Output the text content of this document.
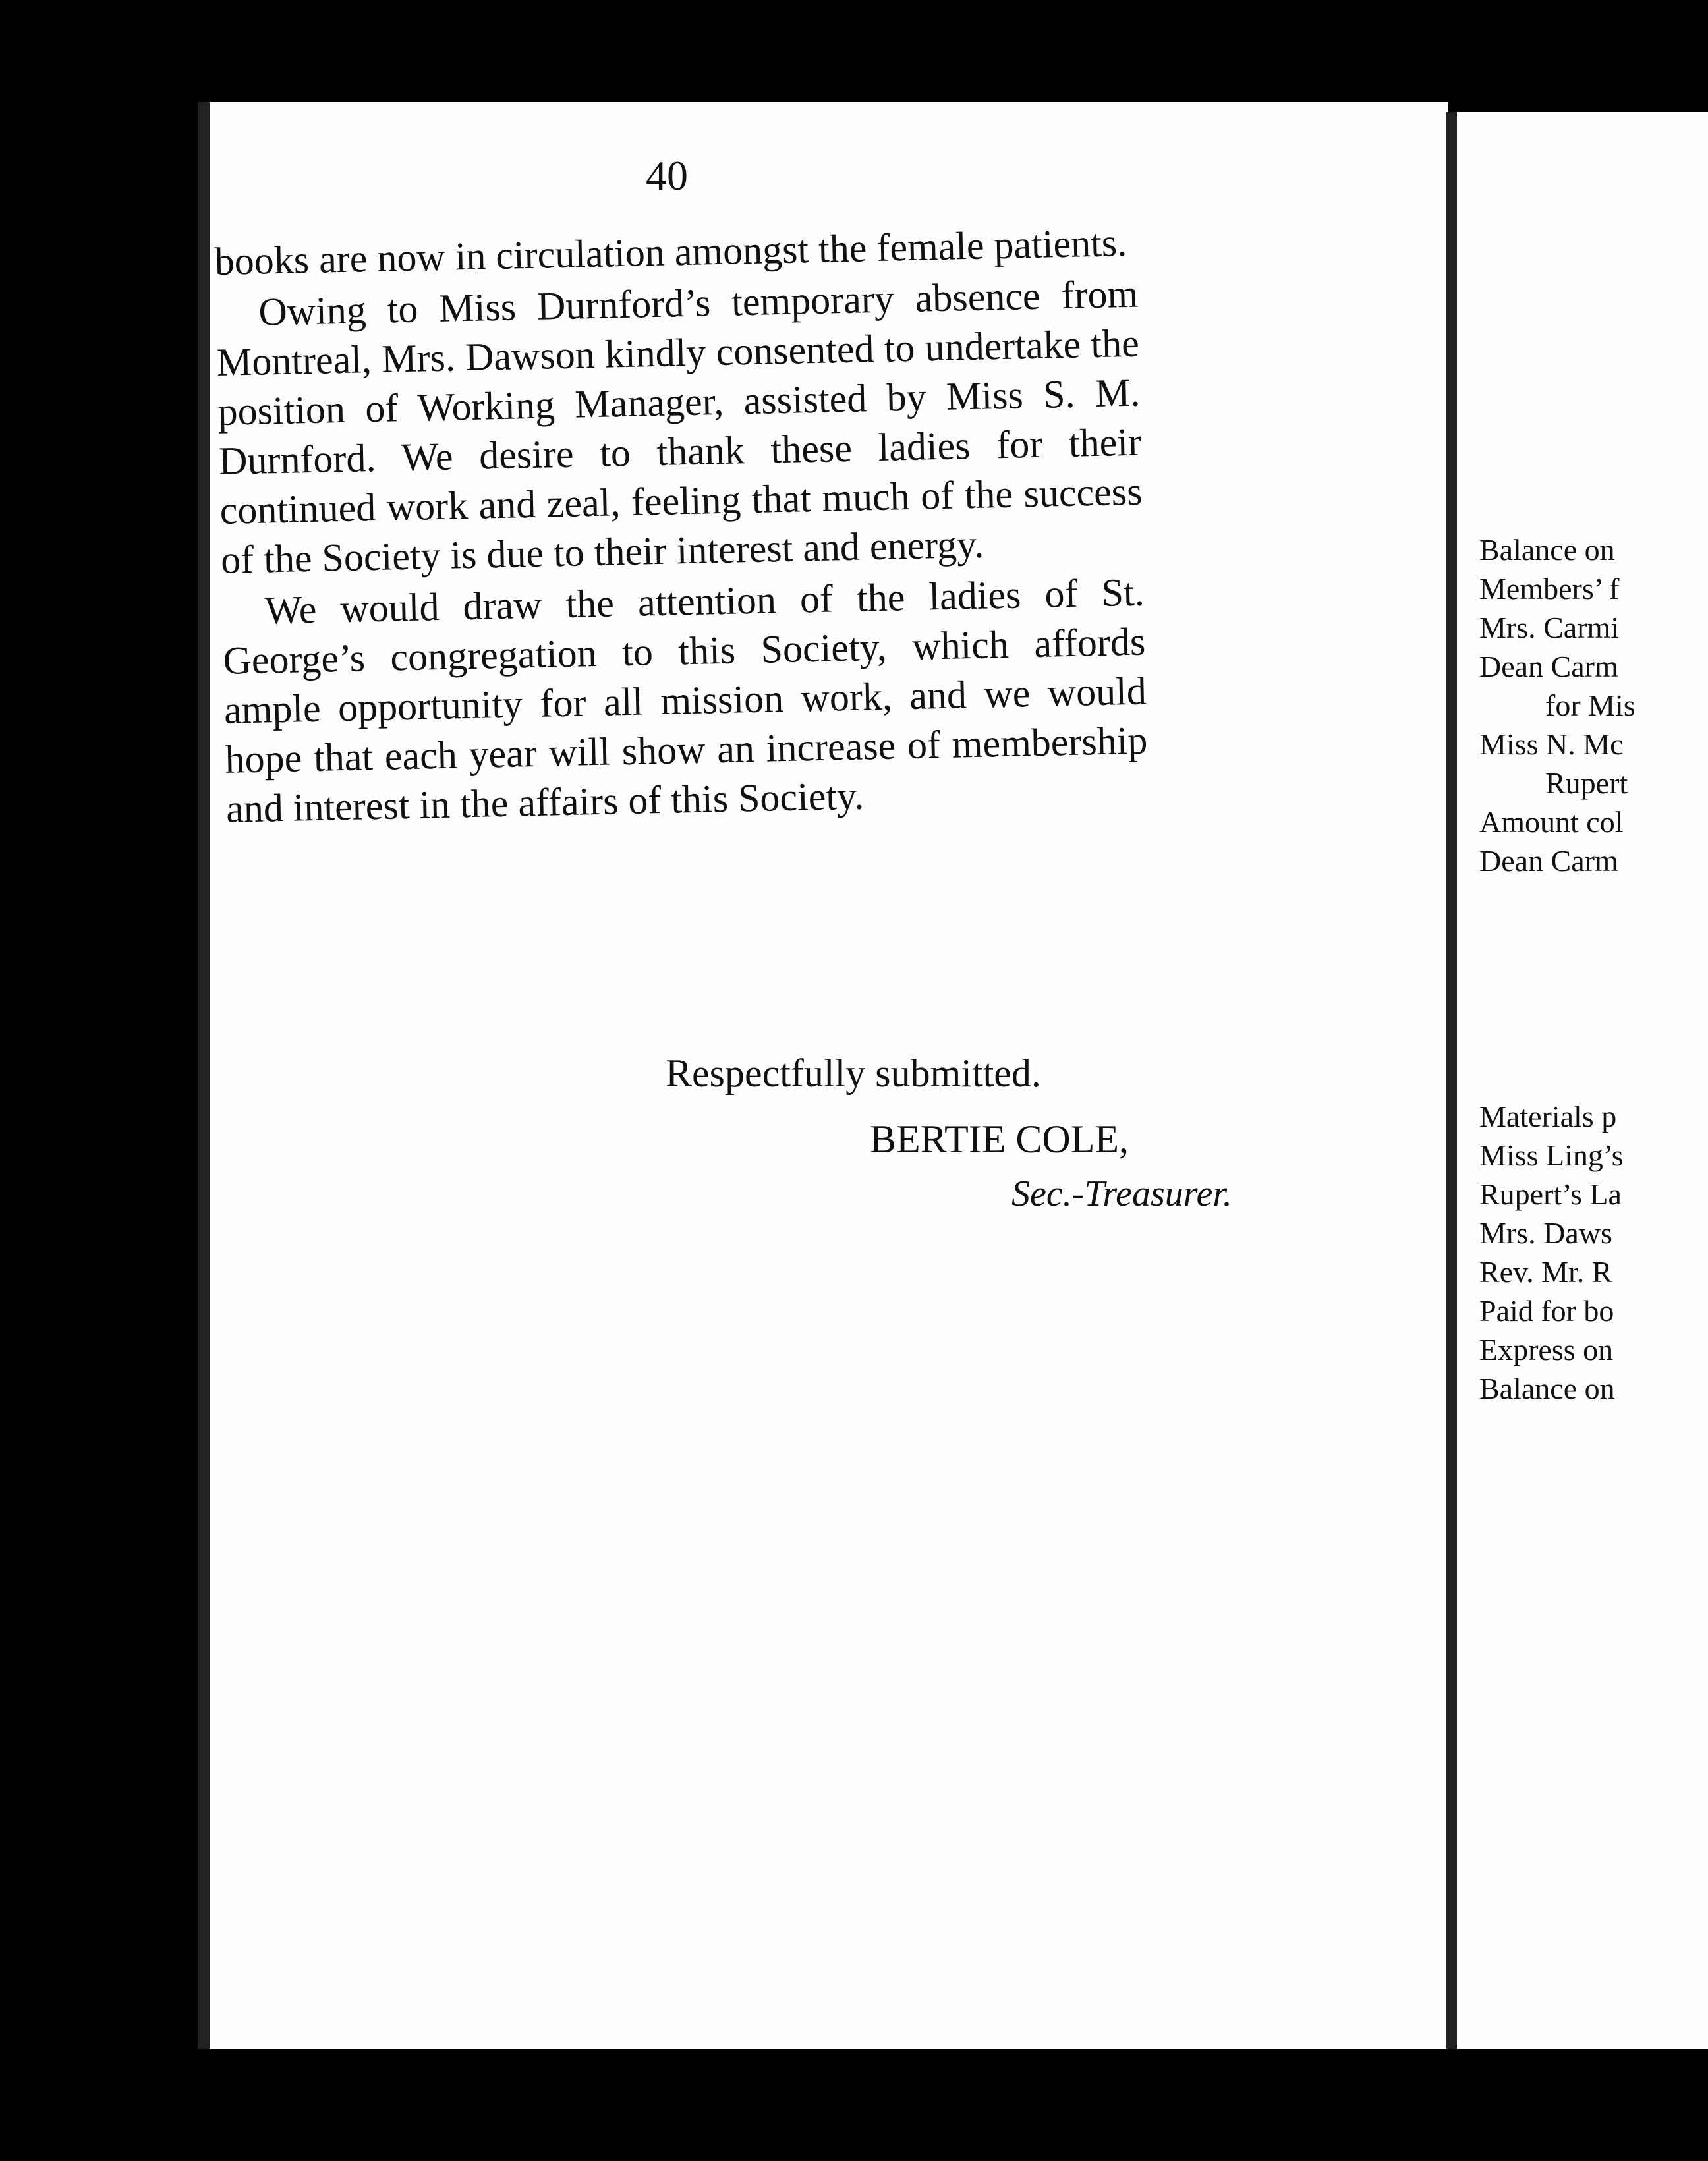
40

books are now in circulation amongst the female patients.

Owing to Miss Durnford’s temporary absence from Montreal, Mrs. Dawson kindly consented to undertake the position of Working Manager, assisted by Miss S. M. Durnford. We desire to thank these ladies for their continued work and zeal, feeling that much of the success of the Society is due to their interest and energy.

We would draw the attention of the ladies of St. George’s congregation to this Society, which affords ample opportunity for all mission work, and we would hope that each year will show an increase of membership and interest in the affairs of this Society.

Respectfully submitted.
BERTIE COLE,
Sec.-Treasurer.
Balance on
Members’ f
Mrs. Carmi
Dean Carm
for Mis
Miss N. Mc
Rupert
Amount col
Dean Carm
Materials p
Miss Ling’s
Rupert’s La
Mrs. Daws
Rev. Mr. R
Paid for bo
Express on
Balance on
